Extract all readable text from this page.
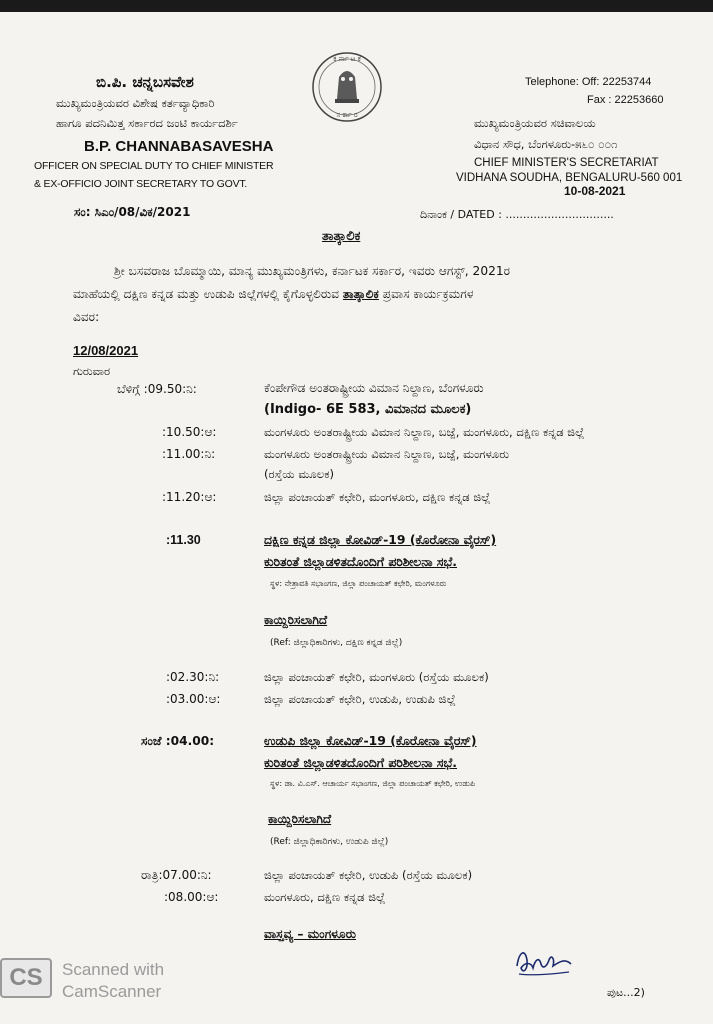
ಬಿ.ಪಿ. ಚನ್ನಬಸವೇಶ
ಮುಖ್ಯಮಂತ್ರಿಯವರ ವಿಶೇಷ ಕರ್ತವ್ಯಾಧಿಕಾರಿ
ಹಾಗೂ ಪದನಿಮಿತ್ತ ಸರ್ಕಾರದ ಜಂಟಿ ಕಾರ್ಯದರ್ಶಿ
B.P. CHANNABASAVESHA
OFFICER ON SPECIAL DUTY TO CHIEF MINISTER
& EX-OFFICIO JOINT SECRETARY TO GOVT.
ಸಂ: ಸಿಎಂ/08/ವಿಕ/2021
ಕ ರ್ನಾ ಟ ಕ
ಸ ರ್ಕಾ ರ
Telephone: Off: 22253744
Fax : 22253660
ಮುಖ್ಯಮಂತ್ರಿಯವರ ಸಚಿವಾಲಯ
ವಿಧಾನ ಸೌಧ, ಬೆಂಗಳೂರು-೫೬೦ ೦೦೧
CHIEF MINISTER'S SECRETARIAT
VIDHANA SOUDHA, BENGALURU-560 001
10-08-2021
ದಿನಾಂಕ / DATED : ...............................
ತಾತ್ಕಾಲಿಕ
ಶ್ರೀ ಬಸವರಾಜ ಬೊಮ್ಮಾಯಿ, ಮಾನ್ಯ ಮುಖ್ಯಮಂತ್ರಿಗಳು, ಕರ್ನಾಟಕ ಸರ್ಕಾರ, ಇವರು ಆಗಸ್ಟ್, 2021ರ
ಮಾಹೆಯಲ್ಲಿ ದಕ್ಷಿಣ ಕನ್ನಡ ಮತ್ತು ಉಡುಪಿ ಜಿಲ್ಲೆಗಳಲ್ಲಿ ಕೈಗೊಳ್ಳಲಿರುವ ತಾತ್ಕಾಲಿಕ ಪ್ರವಾಸ ಕಾರ್ಯಕ್ರಮಗಳ
ವಿವರ:
12/08/2021
ಗುರುವಾರ
ಬೆಳಿಗ್ಗೆ :09.50:ನಿ:	ಕೆಂಪೇಗೌಡ ಅಂತರಾಷ್ಟ್ರೀಯ ವಿಮಾನ ನಿಲ್ದಾಣ, ಬೆಂಗಳೂರು
(Indigo- 6E 583, ವಿಮಾನದ ಮೂಲಕ)
:10.50:ಆ:	ಮಂಗಳೂರು ಅಂತರಾಷ್ಟ್ರೀಯ ವಿಮಾನ ನಿಲ್ದಾಣ, ಬಜ್ಪೆ, ಮಂಗಳೂರು, ದಕ್ಷಿಣ ಕನ್ನಡ ಜಿಲ್ಲೆ
:11.00:ನಿ:	ಮಂಗಳೂರು ಅಂತರಾಷ್ಟ್ರೀಯ ವಿಮಾನ ನಿಲ್ದಾಣ, ಬಜ್ಪೆ, ಮಂಗಳೂರು
(ರಸ್ತೆಯ ಮೂಲಕ)
:11.20:ಆ:	ಜಿಲ್ಲಾ ಪಂಚಾಯತ್ ಕಛೇರಿ, ಮಂಗಳೂರು, ದಕ್ಷಿಣ ಕನ್ನಡ ಜಿಲ್ಲೆ
:11.30	ದಕ್ಷಿಣ ಕನ್ನಡ ಜಿಲ್ಲಾ ಕೋವಿಡ್-19 (ಕೊರೋನಾ ವೈರಸ್)
ಕುರಿತಂತೆ ಜಿಲ್ಲಾಡಳಿತದೊಂದಿಗೆ ಪರಿಶೀಲನಾ ಸಭೆ.
ಸ್ಥಳ: ನೇತ್ರಾವತಿ ಸಭಾಂಗಣ, ಜಿಲ್ಲಾ ಪಂಚಾಯತ್ ಕಛೇರಿ, ಮಂಗಳೂರು
ಕಾಯ್ದಿರಿಸಲಾಗಿದೆ
(Ref: ಜಿಲ್ಲಾಧಿಕಾರಿಗಳು, ದಕ್ಷಿಣ ಕನ್ನಡ ಜಿಲ್ಲೆ)
:02.30:ನಿ:	ಜಿಲ್ಲಾ ಪಂಚಾಯತ್ ಕಛೇರಿ, ಮಂಗಳೂರು (ರಸ್ತೆಯ ಮೂಲಕ)
:03.00:ಆ:	ಜಿಲ್ಲಾ ಪಂಚಾಯತ್ ಕಛೇರಿ, ಉಡುಪಿ, ಉಡುಪಿ ಜಿಲ್ಲೆ
ಸಂಜೆ :04.00:	ಉಡುಪಿ ಜಿಲ್ಲಾ ಕೋವಿಡ್-19 (ಕೊರೋನಾ ವೈರಸ್)
ಕುರಿತಂತೆ ಜಿಲ್ಲಾಡಳಿತದೊಂದಿಗೆ ಪರಿಶೀಲನಾ ಸಭೆ.
ಸ್ಥಳ: ಡಾ. ವಿ.ಎಸ್. ಆಚಾರ್ಯ ಸಭಾಂಗಣ, ಜಿಲ್ಲಾ ಪಂಚಾಯತ್ ಕಛೇರಿ, ಉಡುಪಿ
ಕಾಯ್ದಿರಿಸಲಾಗಿದೆ
(Ref: ಜಿಲ್ಲಾಧಿಕಾರಿಗಳು, ಉಡುಪಿ ಜಿಲ್ಲೆ)
ರಾತ್ರಿ:07.00:ನಿ:	ಜಿಲ್ಲಾ ಪಂಚಾಯತ್ ಕಛೇರಿ, ಉಡುಪಿ (ರಸ್ತೆಯ ಮೂಲಕ)
:08.00:ಆ:	ಮಂಗಳೂರು, ದಕ್ಷಿಣ ಕನ್ನಡ ಜಿಲ್ಲೆ
ವಾಸ್ತವ್ಯ – ಮಂಗಳೂರು
ಪುಟ...2)
CS	Scanned with
CamScanner
